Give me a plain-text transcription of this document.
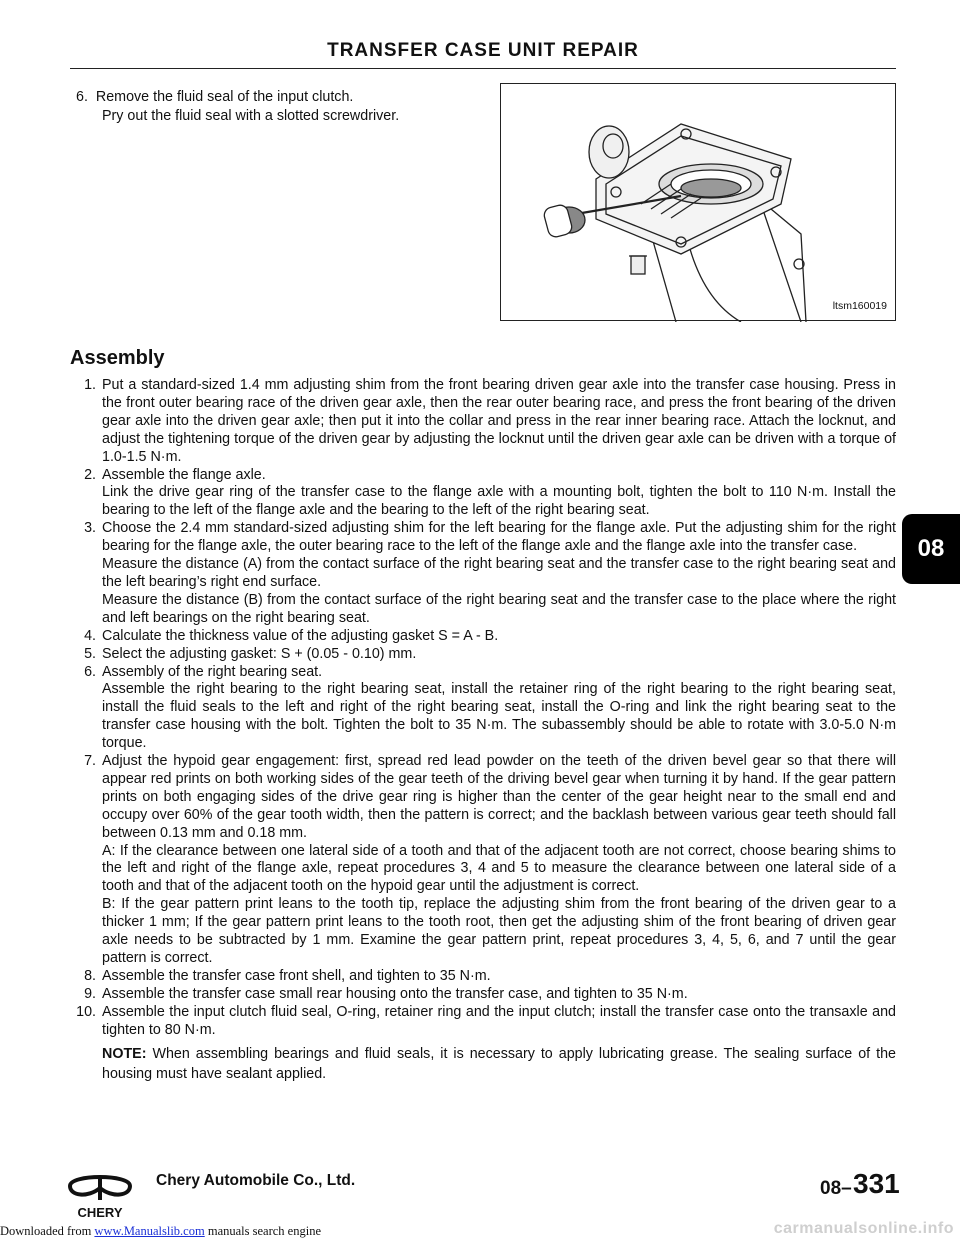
TRANSFER CASE UNIT REPAIR
6. Remove the fluid seal of the input clutch.
Pry out the fluid seal with a slotted screwdriver.
ltsm160019
Assembly
1. Put a standard-sized 1.4 mm adjusting shim from the front bearing driven gear axle into the transfer case housing. Press in the front outer bearing race of the driven gear axle, then the rear outer bearing race, and press the front bearing of the driven gear axle into the driven gear axle; then put it into the collar and press in the rear inner bearing race. Attach the locknut, and adjust the tightening torque of the driven gear by adjusting the locknut until the driven gear axle can be driven with a torque of 1.0-1.5 N·m.
2. Assemble the flange axle.
Link the drive gear ring of the transfer case to the flange axle with a mounting bolt, tighten the bolt to 110 N·m. Install the bearing to the left of the flange axle and the bearing to the left of the right bearing seat.
3. Choose the 2.4 mm standard-sized adjusting shim for the left bearing for the flange axle. Put the adjusting shim for the right bearing for the flange axle, the outer bearing race to the left of the flange axle and the flange axle into the transfer case.
Measure the distance (A) from the contact surface of the right bearing seat and the transfer case to the right bearing seat and the left bearing’s right end surface.
Measure the distance (B) from the contact surface of the right bearing seat and the transfer case to the place where the right and left bearings on the right bearing seat.
4. Calculate the thickness value of the adjusting gasket S = A - B.
5. Select the adjusting gasket: S + (0.05 - 0.10) mm.
6. Assembly of the right bearing seat.
Assemble the right bearing to the right bearing seat, install the retainer ring of the right bearing to the right bearing seat, install the fluid seals to the left and right of the right bearing seat, install the O-ring and link the right bearing seat to the transfer case housing with the bolt. Tighten the bolt to 35 N·m. The subassembly should be able to rotate with 3.0-5.0 N·m torque.
7. Adjust the hypoid gear engagement: first, spread red lead powder on the teeth of the driven bevel gear so that there will appear red prints on both working sides of the gear teeth of the driving bevel gear when turning it by hand. If the gear pattern prints on both engaging sides of the drive gear ring is higher than the center of the gear height near to the small end and occupy over 60% of the gear tooth width, then the pattern is correct; and the backlash between various gear teeth should fall between 0.13 mm and 0.18 mm.
A: If the clearance between one lateral side of a tooth and that of the adjacent tooth are not correct, choose bearing shims to the left and right of the flange axle, repeat procedures 3, 4 and 5 to measure the clearance between one lateral side of a tooth and that of the adjacent tooth on the hypoid gear until the adjustment is correct.
B: If the gear pattern print leans to the tooth tip, replace the adjusting shim from the front bearing of the driven gear to a thicker 1 mm; If the gear pattern print leans to the tooth root, then get the adjusting shim of the front bearing of driven gear axle needs to be subtracted by 1 mm. Examine the gear pattern print, repeat procedures 3, 4, 5, 6, and 7 until the gear pattern is correct.
8. Assemble the transfer case front shell, and tighten to 35 N·m.
9. Assemble the transfer case small rear housing onto the transfer case, and tighten to 35 N·m.
10. Assemble the input clutch fluid seal, O-ring, retainer ring and the input clutch; install the transfer case onto the transaxle and tighten to 80 N·m.
NOTE: When assembling bearings and fluid seals, it is necessary to apply lubricating grease. The sealing surface of the housing must have sealant applied.
08
CHERY
Chery Automobile Co., Ltd.	08– 331
Downloaded from www.Manualslib.com manuals search engine	carmanualsonline.info
